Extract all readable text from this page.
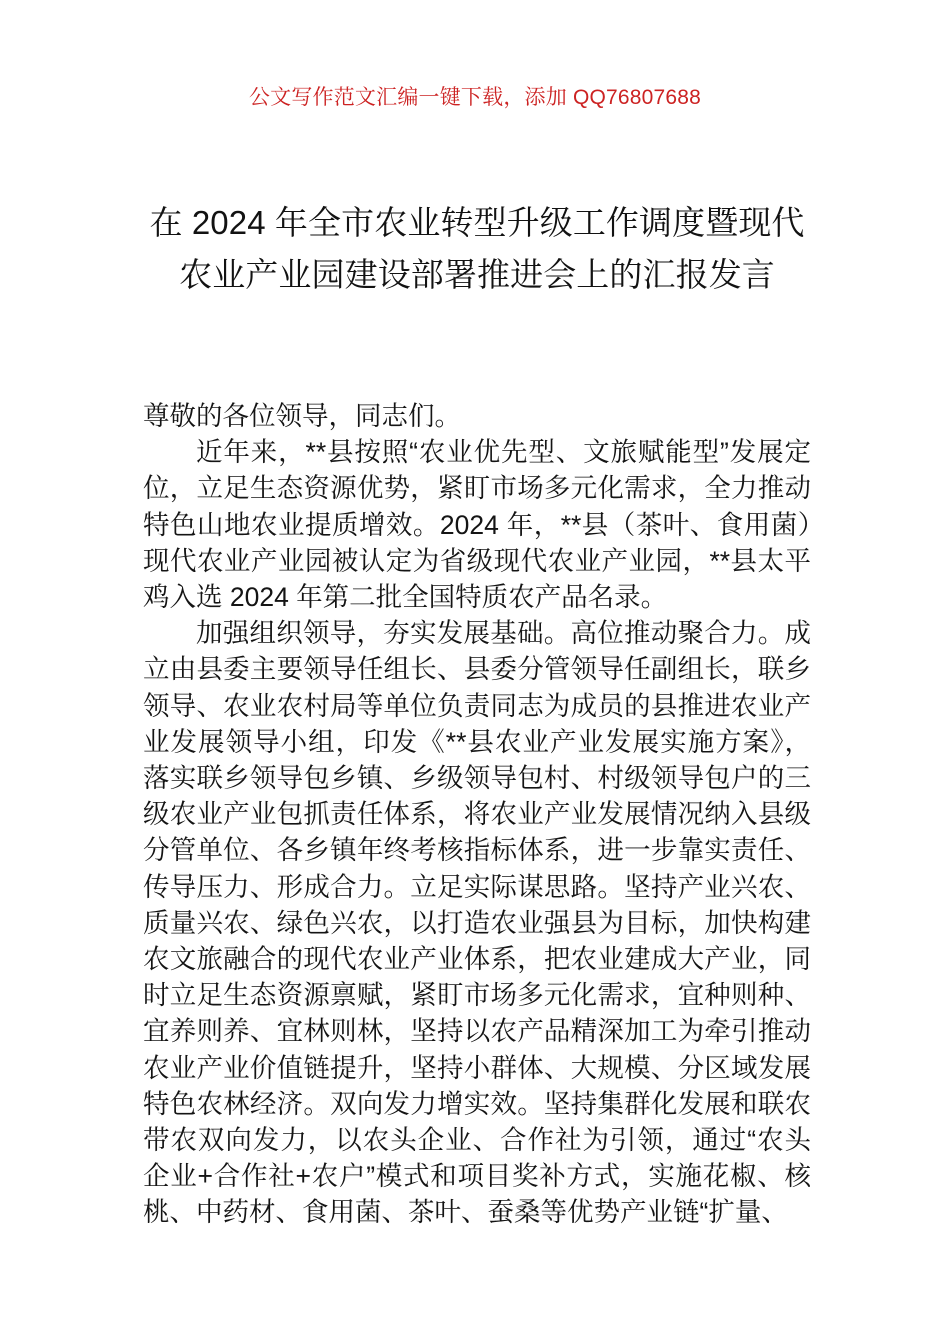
公文写作范文汇编一键下载，添加 QQ76807688
在 2024 年全市农业转型升级工作调度暨现代农业产业园建设部署推进会上的汇报发言

尊敬的各位领导，同志们。

近年来，**县按照“农业优先型、文旅赋能型”发展定位，立足生态资源优势，紧盯市场多元化需求，全力推动特色山地农业提质增效。2024 年，**县（茶叶、食用菌）现代农业产业园被认定为省级现代农业产业园，**县太平鸡入选 2024 年第二批全国特质农产品名录。

加强组织领导，夯实发展基础。高位推动聚合力。成立由县委主要领导任组长、县委分管领导任副组长，联乡领导、农业农村局等单位负责同志为成员的县推进农业产业发展领导小组，印发《**县农业产业发展实施方案》，落实联乡领导包乡镇、乡级领导包村、村级领导包户的三级农业产业包抓责任体系，将农业产业发展情况纳入县级分管单位、各乡镇年终考核指标体系，进一步靠实责任、传导压力、形成合力。立足实际谋思路。坚持产业兴农、质量兴农、绿色兴农，以打造农业强县为目标，加快构建农文旅融合的现代农业产业体系，把农业建成大产业，同时立足生态资源禀赋，紧盯市场多元化需求，宜种则种、宜养则养、宜林则林，坚持以农产品精深加工为牵引推动农业产业价值链提升，坚持小群体、大规模、分区域发展特色农林经济。双向发力增实效。坚持集群化发展和联农带农双向发力，以农头企业、合作社为引领，通过“农头企业+合作社+农户”模式和项目奖补方式，实施花椒、核桃、中药材、食用菌、茶叶、蚕桑等优势产业链“扩量、
